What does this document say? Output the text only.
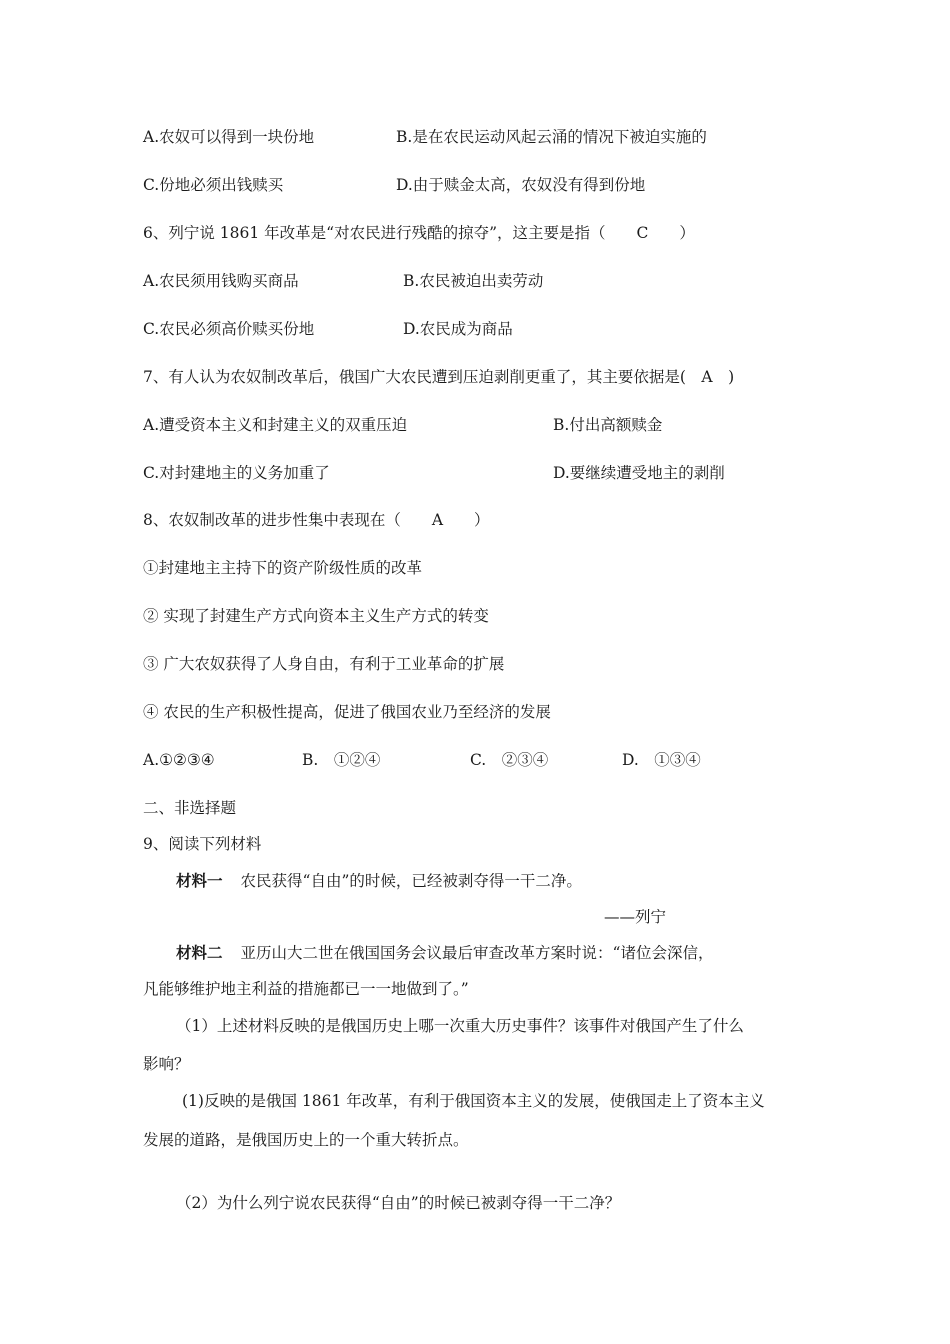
A.农奴可以得到一块份地	B.是在农民运动风起云涌的情况下被迫实施的
C.份地必须出钱赎买	D.由于赎金太高，农奴没有得到份地
6、列宁说 1861 年改革是“对农民进行残酷的掠夺”，这主要是指（　　C　　）
A.农民须用钱购买商品	B.农民被迫出卖劳动
C.农民必须高价赎买份地	D.农民成为商品
7、有人认为农奴制改革后，俄国广大农民遭到压迫剥削更重了，其主要依据是(　A　)
A.遭受资本主义和封建主义的双重压迫	B.付出高额赎金
C.对封建地主的义务加重了	D.要继续遭受地主的剥削
8、农奴制改革的进步性集中表现在（　　A　　）
①封建地主主持下的资产阶级性质的改革
② 实现了封建生产方式向资本主义生产方式的转变
③ 广大农奴获得了人身自由，有利于工业革命的扩展
④ 农民的生产积极性提高，促进了俄国农业乃至经济的发展
A.①②③④	B.　①②④	C.　②③④	D.　①③④
二、非选择题
9、阅读下列材料
材料一 农民获得“自由”的时候，已经被剥夺得一干二净。
——列宁
材料二 亚历山大二世在俄国国务会议最后审查改革方案时说：“诸位会深信，
凡能够维护地主利益的措施都已一一地做到了。”
（1）上述材料反映的是俄国历史上哪一次重大历史事件？该事件对俄国产生了什么
影响？
(1)反映的是俄国 1861 年改革，有利于俄国资本主义的发展，使俄国走上了资本主义
发展的道路，是俄国历史上的一个重大转折点。
（2）为什么列宁说农民获得“自由”的时候已被剥夺得一干二净？
